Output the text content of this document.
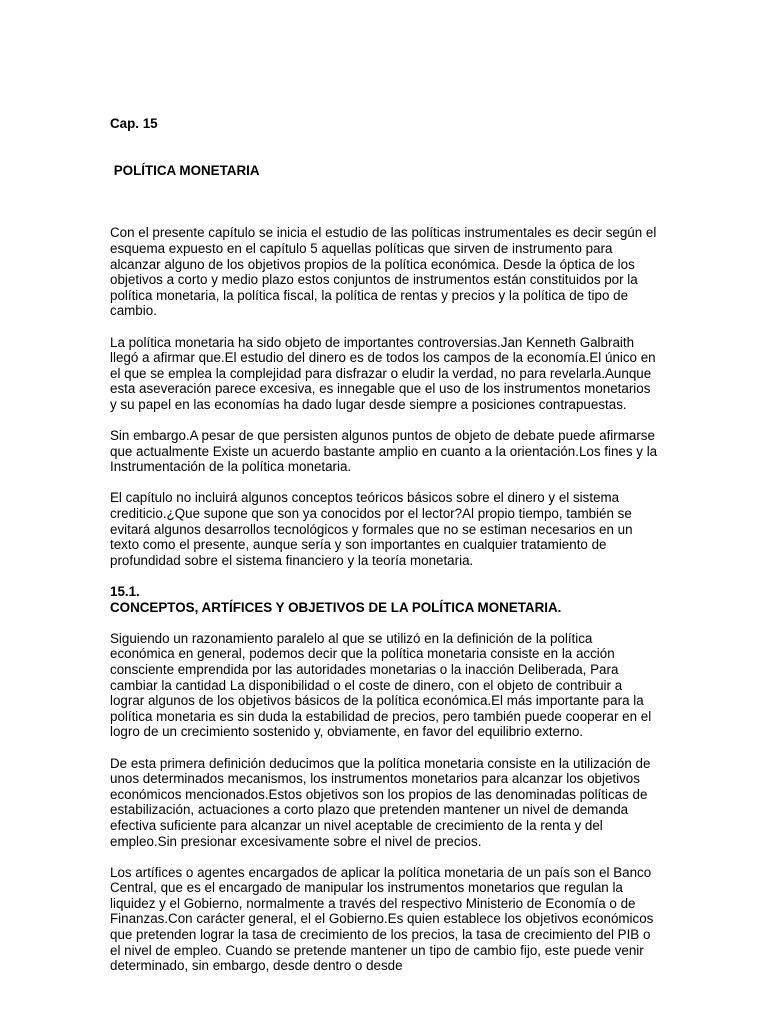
Cap. 15

POLÍTICA MONETARIA

Con el presente capítulo se inicia el estudio de las políticas instrumentales es decir según el esquema expuesto en el capítulo 5 aquellas políticas que sirven de instrumento para alcanzar alguno de los objetivos propios de la política económica. Desde la óptica de los objetivos a corto y medio plazo estos conjuntos de instrumentos están constituidos por la política monetaria, la política fiscal, la política de rentas y precios y la política de tipo de cambio.

La política monetaria ha sido objeto de importantes controversias.Jan Kenneth Galbraith llegó a afirmar que.El estudio del dinero es de todos los campos de la economía.El único en el que se emplea la complejidad para disfrazar o eludir la verdad, no para revelarla.Aunque esta aseveración parece excesiva, es innegable que el uso de los instrumentos monetarios y su papel en las economías ha dado lugar desde siempre a posiciones contrapuestas.

Sin embargo.A pesar de que persisten algunos puntos de objeto de debate puede afirmarse que actualmente Existe un acuerdo bastante amplio en cuanto a la orientación.Los fines y la Instrumentación de la política monetaria.

El capítulo no incluirá algunos conceptos teóricos básicos sobre el dinero y el sistema crediticio.¿Que supone que son ya conocidos por el lector?Al propio tiempo, también se evitará algunos desarrollos tecnológicos y formales que no se estiman necesarios en un texto como el presente, aunque sería y son importantes en cualquier tratamiento de profundidad sobre el sistema financiero y la teoría monetaria.

15.1.
CONCEPTOS, ARTÍFICES Y OBJETIVOS DE LA POLÍTICA MONETARIA.

Siguiendo un razonamiento paralelo al que se utilizó en la definición de la política económica en general, podemos decir que la política monetaria consiste en la acción consciente emprendida por las autoridades monetarias o la inacción Deliberada, Para cambiar la cantidad La disponibilidad o el coste de dinero, con el objeto de contribuir a lograr algunos de los objetivos básicos de la política económica.El más importante para la política monetaria es sin duda la estabilidad de precios, pero también puede cooperar en el logro de un crecimiento sostenido y, obviamente, en favor del equilibrio externo.

De esta primera definición deducimos que la política monetaria consiste en la utilización de unos determinados mecanismos, los instrumentos monetarios para alcanzar los objetivos económicos mencionados.Estos objetivos son los propios de las denominadas políticas de estabilización, actuaciones a corto plazo que pretenden mantener un nivel de demanda efectiva suficiente para alcanzar un nivel aceptable de crecimiento de la renta y del empleo.Sin presionar excesivamente sobre el nivel de precios.

Los artífices o agentes encargados de aplicar la política monetaria de un país son el Banco Central, que es el encargado de manipular los instrumentos monetarios que regulan la liquidez y el Gobierno, normalmente a través del respectivo Ministerio de Economía o de Finanzas.Con carácter general, el el Gobierno.Es quien establece los objetivos económicos que pretenden lograr la tasa de crecimiento de los precios, la tasa de crecimiento del PIB o el nivel de empleo. Cuando se pretende mantener un tipo de cambio fijo, este puede venir determinado, sin embargo, desde dentro o desde
